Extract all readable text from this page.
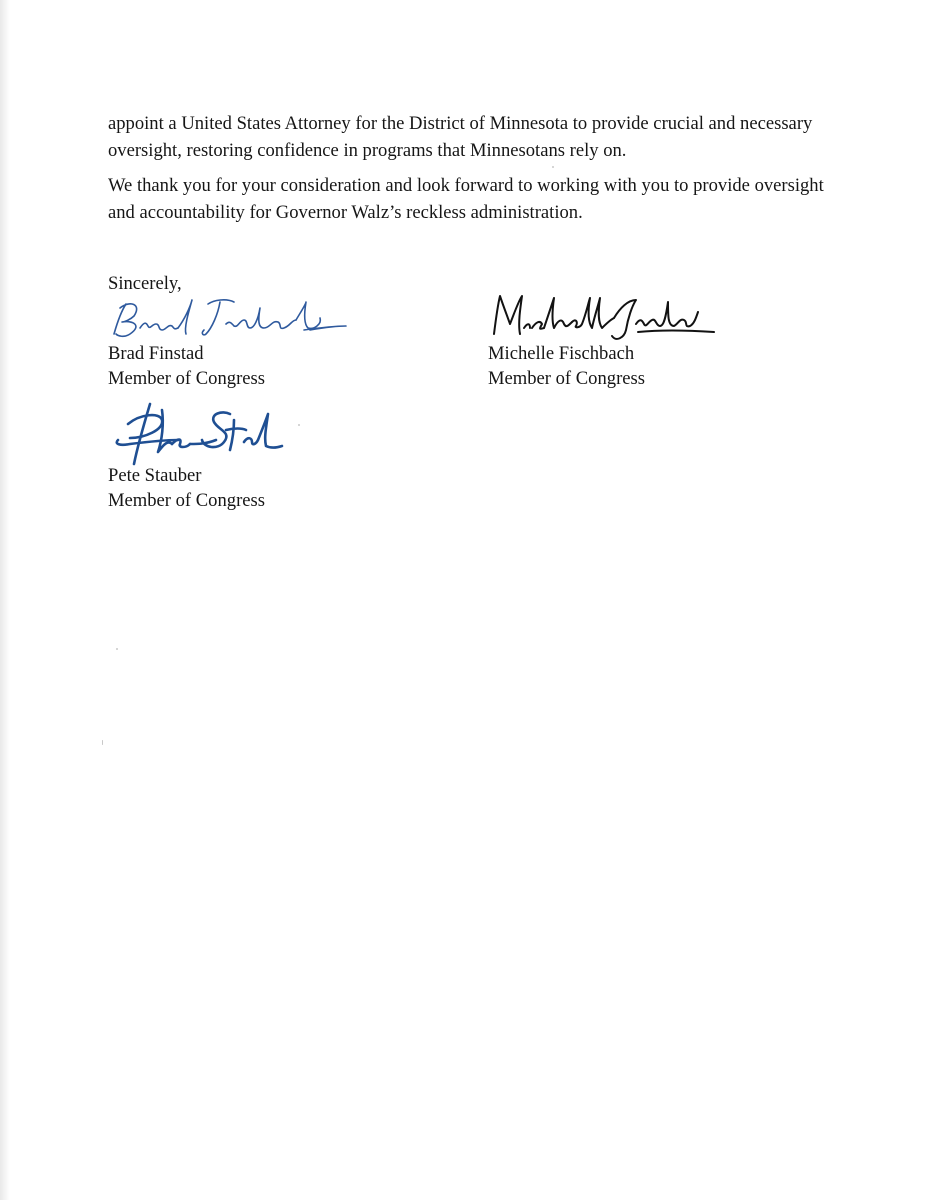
appoint a United States Attorney for the District of Minnesota to provide crucial and necessary
oversight, restoring confidence in programs that Minnesotans rely on.
We thank you for your consideration and look forward to working with you to provide oversight
and accountability for Governor Walz’s reckless administration.
Sincerely,
Brad Finstad
Member of Congress
Michelle Fischbach
Member of Congress
Pete Stauber
Member of Congress
